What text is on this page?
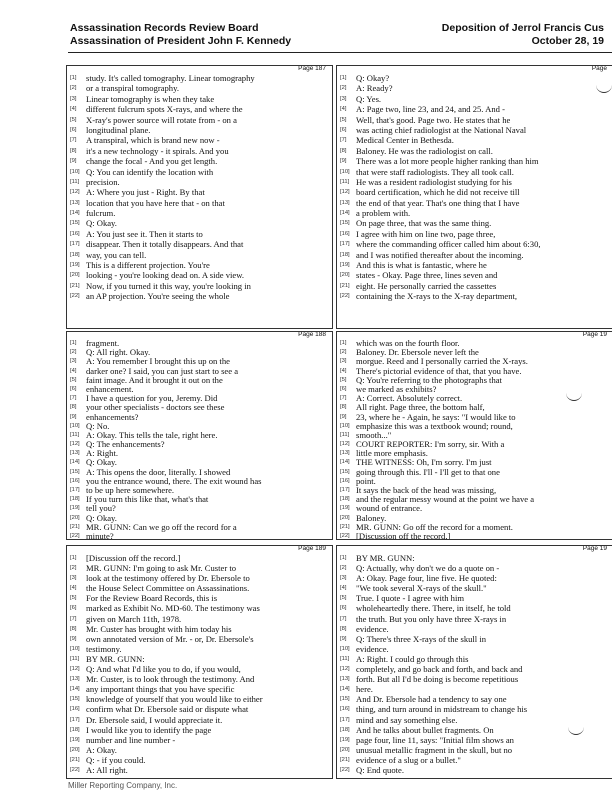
Assassination Records Review Board
Assassination of President John F. Kennedy
Deposition of Jerrol Francis Cus
October 28, 19
Page 187
[1]	study. It's called tomography. Linear tomography
[2]	or a transpiral tomography.
[3]	Linear tomography is when they take
[4]	different fulcrum spots X-rays, and where the
[5]	X-ray's power source will rotate from - on a
[6]	longitudinal plane.
[7]	A transpiral, which is brand new now -
[8]	it's a new technology - it spirals. And you
[9]	change the focal - And you get length.
[10] Q: You can identify the location with
[11] precision.
[12] A: Where you just - Right. By that
[13] location that you have here that - on that
[14] fulcrum.
[15] Q: Okay.
[16] A: You just see it. Then it starts to
[17] disappear. Then it totally disappears. And that
[18] way, you can tell.
[19] This is a different projection. You're
[20] looking - you're looking dead on. A side view.
[21] Now, if you turned it this way, you're looking in
[22] an AP projection. You're seeing the whole
Page
[1]	Q: Okay?
[2]	A: Ready?
[3]	Q: Yes.
[4]	A: Page two, line 23, and 24, and 25. And -
[5]	Well, that's good. Page two. He states that he
[6]	was acting chief radiologist at the National Naval
[7]	Medical Center in Bethesda.
[8]	Baloney. He was the radiologist on call.
[9]	There was a lot more people higher ranking than him
[10] that were staff radiologists. They all took call.
[11] He was a resident radiologist studying for his
[12] board certification, which he did not receive till
[13] the end of that year. That's one thing that I have
[14] a problem with.
[15] On page three, that was the same thing.
[16] I agree with him on line two, page three,
[17] where the commanding officer called him about 6:30,
[18] and I was notified thereafter about the incoming.
[19] And this is what is fantastic, where he
[20] states - Okay. Page three, lines seven and
[21] eight. He personally carried the cassettes
[22] containing the X-rays to the X-ray department,
Page 188
[1]	fragment.
[2]	Q: All right. Okay.
[3]	A: You remember I brought this up on the
[4]	darker one? I said, you can just start to see a
[5]	faint image. And it brought it out on the
[6]	enhancement.
[7]	I have a question for you, Jeremy. Did
[8]	your other specialists - doctors see these
[9]	enhancements?
[10] Q: No.
[11] A: Okay. This tells the tale, right here.
[12] Q: The enhancements?
[13] A: Right.
[14] Q: Okay.
[15] A: This opens the door, literally. I showed
[16] you the entrance wound, there. The exit wound has
[17] to be up here somewhere.
[18] If you turn this like that, what's that
[19] tell you?
[20] Q: Okay.
[21] MR. GUNN: Can we go off the record for a
[22] minute?
Page 19
[1]	which was on the fourth floor.
[2]	Baloney. Dr. Ebersole never left the
[3]	morgue. Reed and I personally carried the X-rays.
[4]	There's pictorial evidence of that, that you have.
[5]	Q: You're referring to the photographs that
[6]	we marked as exhibits?
[7]	A: Correct. Absolutely correct.
[8]	All right. Page three, the bottom half,
[9]	23, where he - Again, he says: "I would like to
[10] emphasize this was a textbook wound; round,
[11] smooth..."
[12] COURT REPORTER: I'm sorry, sir. With a
[13] little more emphasis.
[14] THE WITNESS: Oh, I'm sorry. I'm just
[15] going through this. I'll - I'll get to that one
[16] point.
[17] It says the back of the head was missing,
[18] and the regular messy wound at the point we have a
[19] wound of entrance.
[20] Baloney.
[21] MR. GUNN: Go off the record for a moment.
[22] [Discussion off the record.]
Page 189
[1]	[Discussion off the record.]
[2]	MR. GUNN: I'm going to ask Mr. Custer to
[3]	look at the testimony offered by Dr. Ebersole to
[4]	the House Select Committee on Assassinations.
[5]	For the Review Board Records, this is
[6]	marked as Exhibit No. MD-60. The testimony was
[7]	given on March 11th, 1978.
[8]	Mr. Custer has brought with him today his
[9]	own annotated version of Mr. - or, Dr. Ebersole's
[10] testimony.
[11] BY MR. GUNN:
[12] Q: And what I'd like you to do, if you would,
[13] Mr. Custer, is to look through the testimony. And
[14] any important things that you have specific
[15] knowledge of yourself that you would like to either
[16] confirm what Dr. Ebersole said or dispute what
[17] Dr. Ebersole said, I would appreciate it.
[18] I would like you to identify the page
[19] number and line number -
[20] A: Okay.
[21] Q: - if you could.
[22] A: All right.
Page 19
[1]	BY MR. GUNN:
[2]	Q: Actually, why don't we do a quote on -
[3]	A: Okay. Page four, line five. He quoted:
[4]	"We took several X-rays of the skull."
[5]	True. I quote - I agree with him
[6]	wholeheartedly there. There, in itself, he told
[7]	the truth. But you only have three X-rays in
[8]	evidence.
[9]	Q: There's three X-rays of the skull in
[10] evidence.
[11] A: Right. I could go through this
[12] completely, and go back and forth, and back and
[13] forth. But all I'd be doing is become repetitious
[14] here.
[15] And Dr. Ebersole had a tendency to say one
[16] thing, and turn around in midstream to change his
[17] mind and say something else.
[18] And he talks about bullet fragments. On
[19] page four, line 11, says: "Initial film shows an
[20] unusual metallic fragment in the skull, but no
[21] evidence of a slug or a bullet."
[22] Q: End quote.
Miller Reporting Company, Inc.
